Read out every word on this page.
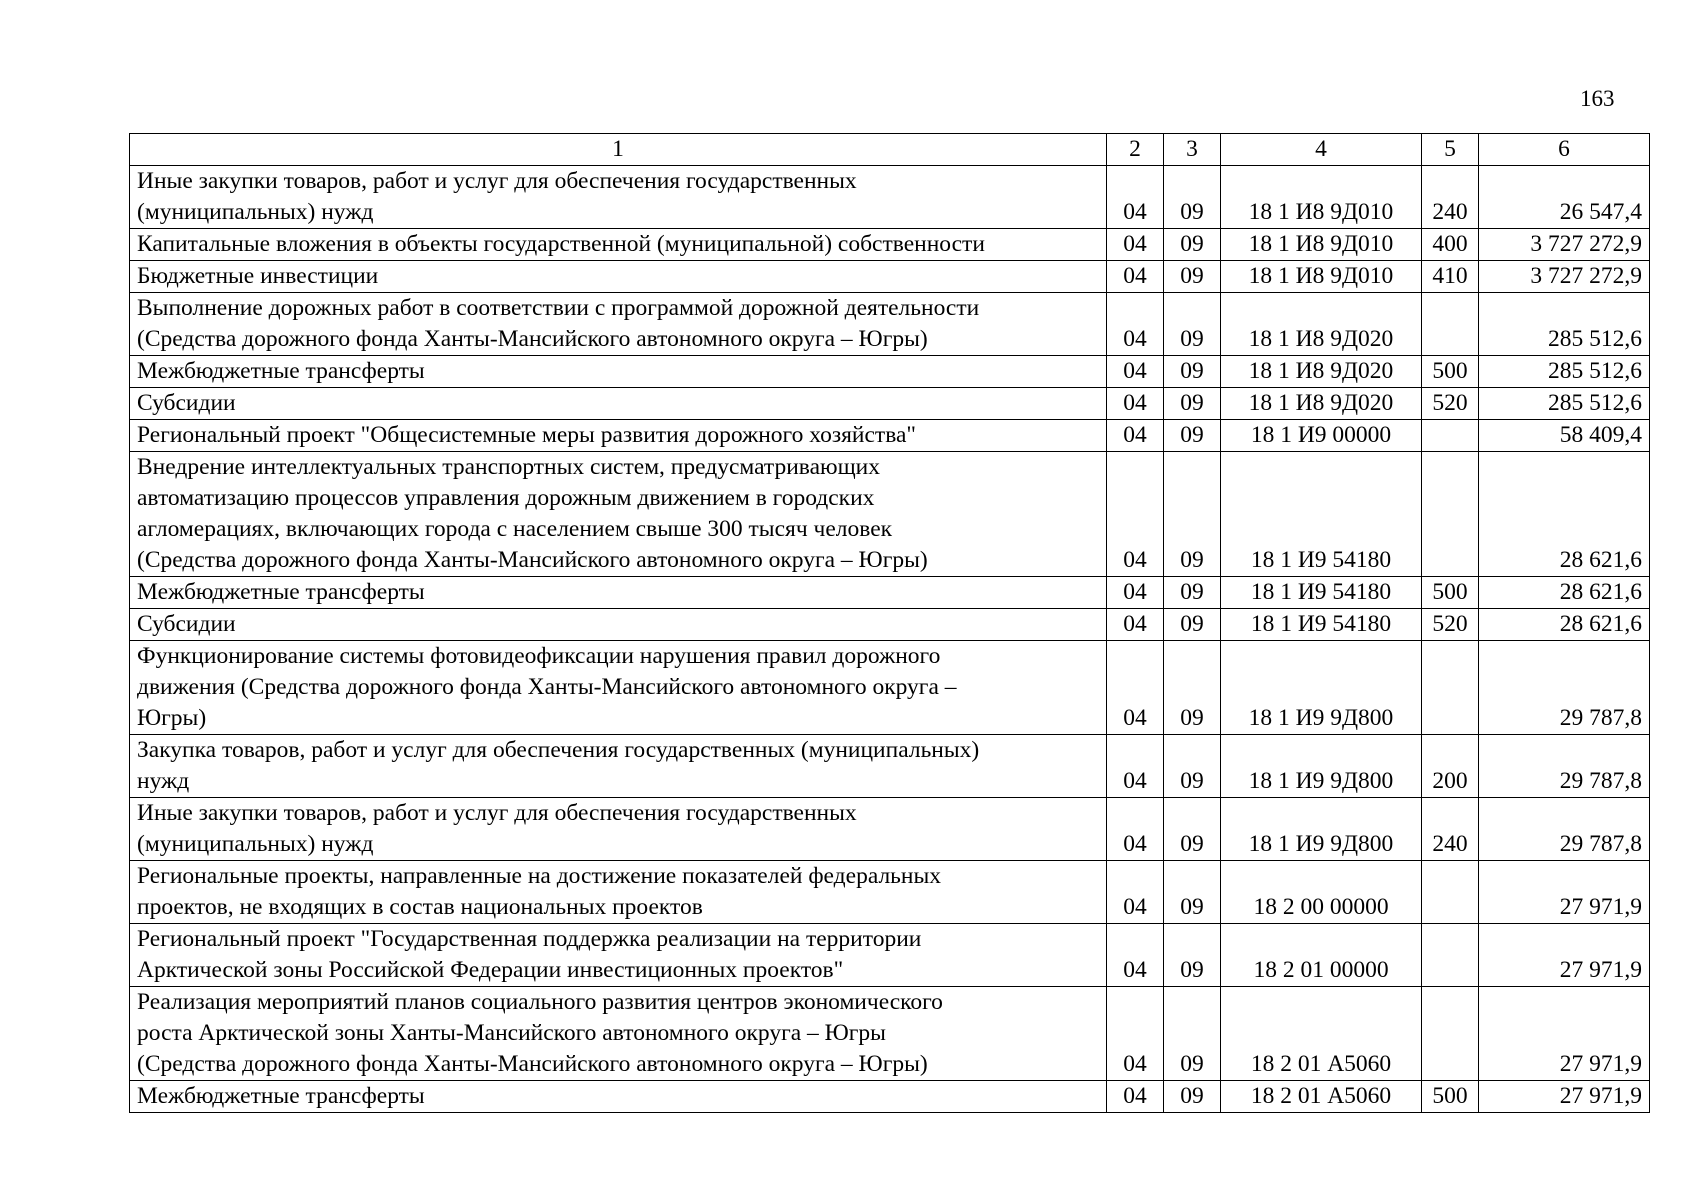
163
1	2	3	4	5	6
Иные закупки товаров, работ и услуг для обеспечения государственных
(муниципальных) нужд	04	09	18 1 И8 9Д010	240	26 547,4
Капитальные вложения в объекты государственной (муниципальной) собственности	04	09	18 1 И8 9Д010	400	3 727 272,9
Бюджетные инвестиции	04	09	18 1 И8 9Д010	410	3 727 272,9
Выполнение дорожных работ в соответствии с программой дорожной деятельности
(Средства дорожного фонда Ханты-Мансийского автономного округа – Югры)	04	09	18 1 И8 9Д020		285 512,6
Межбюджетные трансферты	04	09	18 1 И8 9Д020	500	285 512,6
Субсидии	04	09	18 1 И8 9Д020	520	285 512,6
Региональный проект "Общесистемные меры развития дорожного хозяйства"	04	09	18 1 И9 00000		58 409,4
Внедрение интеллектуальных транспортных систем, предусматривающих
автоматизацию процессов управления дорожным движением в городских
агломерациях, включающих города с населением свыше 300 тысяч человек
(Средства дорожного фонда Ханты-Мансийского автономного округа – Югры)	04	09	18 1 И9 54180		28 621,6
Межбюджетные трансферты	04	09	18 1 И9 54180	500	28 621,6
Субсидии	04	09	18 1 И9 54180	520	28 621,6
Функционирование системы фотовидеофиксации нарушения правил дорожного
движения (Средства дорожного фонда Ханты-Мансийского автономного округа –
Югры)	04	09	18 1 И9 9Д800		29 787,8
Закупка товаров, работ и услуг для обеспечения государственных (муниципальных)
нужд	04	09	18 1 И9 9Д800	200	29 787,8
Иные закупки товаров, работ и услуг для обеспечения государственных
(муниципальных) нужд	04	09	18 1 И9 9Д800	240	29 787,8
Региональные проекты, направленные на достижение показателей федеральных
проектов, не входящих в состав национальных проектов	04	09	18 2 00 00000		27 971,9
Региональный проект "Государственная поддержка реализации на территории
Арктической зоны Российской Федерации инвестиционных проектов"	04	09	18 2 01 00000		27 971,9
Реализация мероприятий планов социального развития центров экономического
роста Арктической зоны Ханты-Мансийского автономного округа – Югры
(Средства дорожного фонда Ханты-Мансийского автономного округа – Югры)	04	09	18 2 01 А5060		27 971,9
Межбюджетные трансферты	04	09	18 2 01 А5060	500	27 971,9
